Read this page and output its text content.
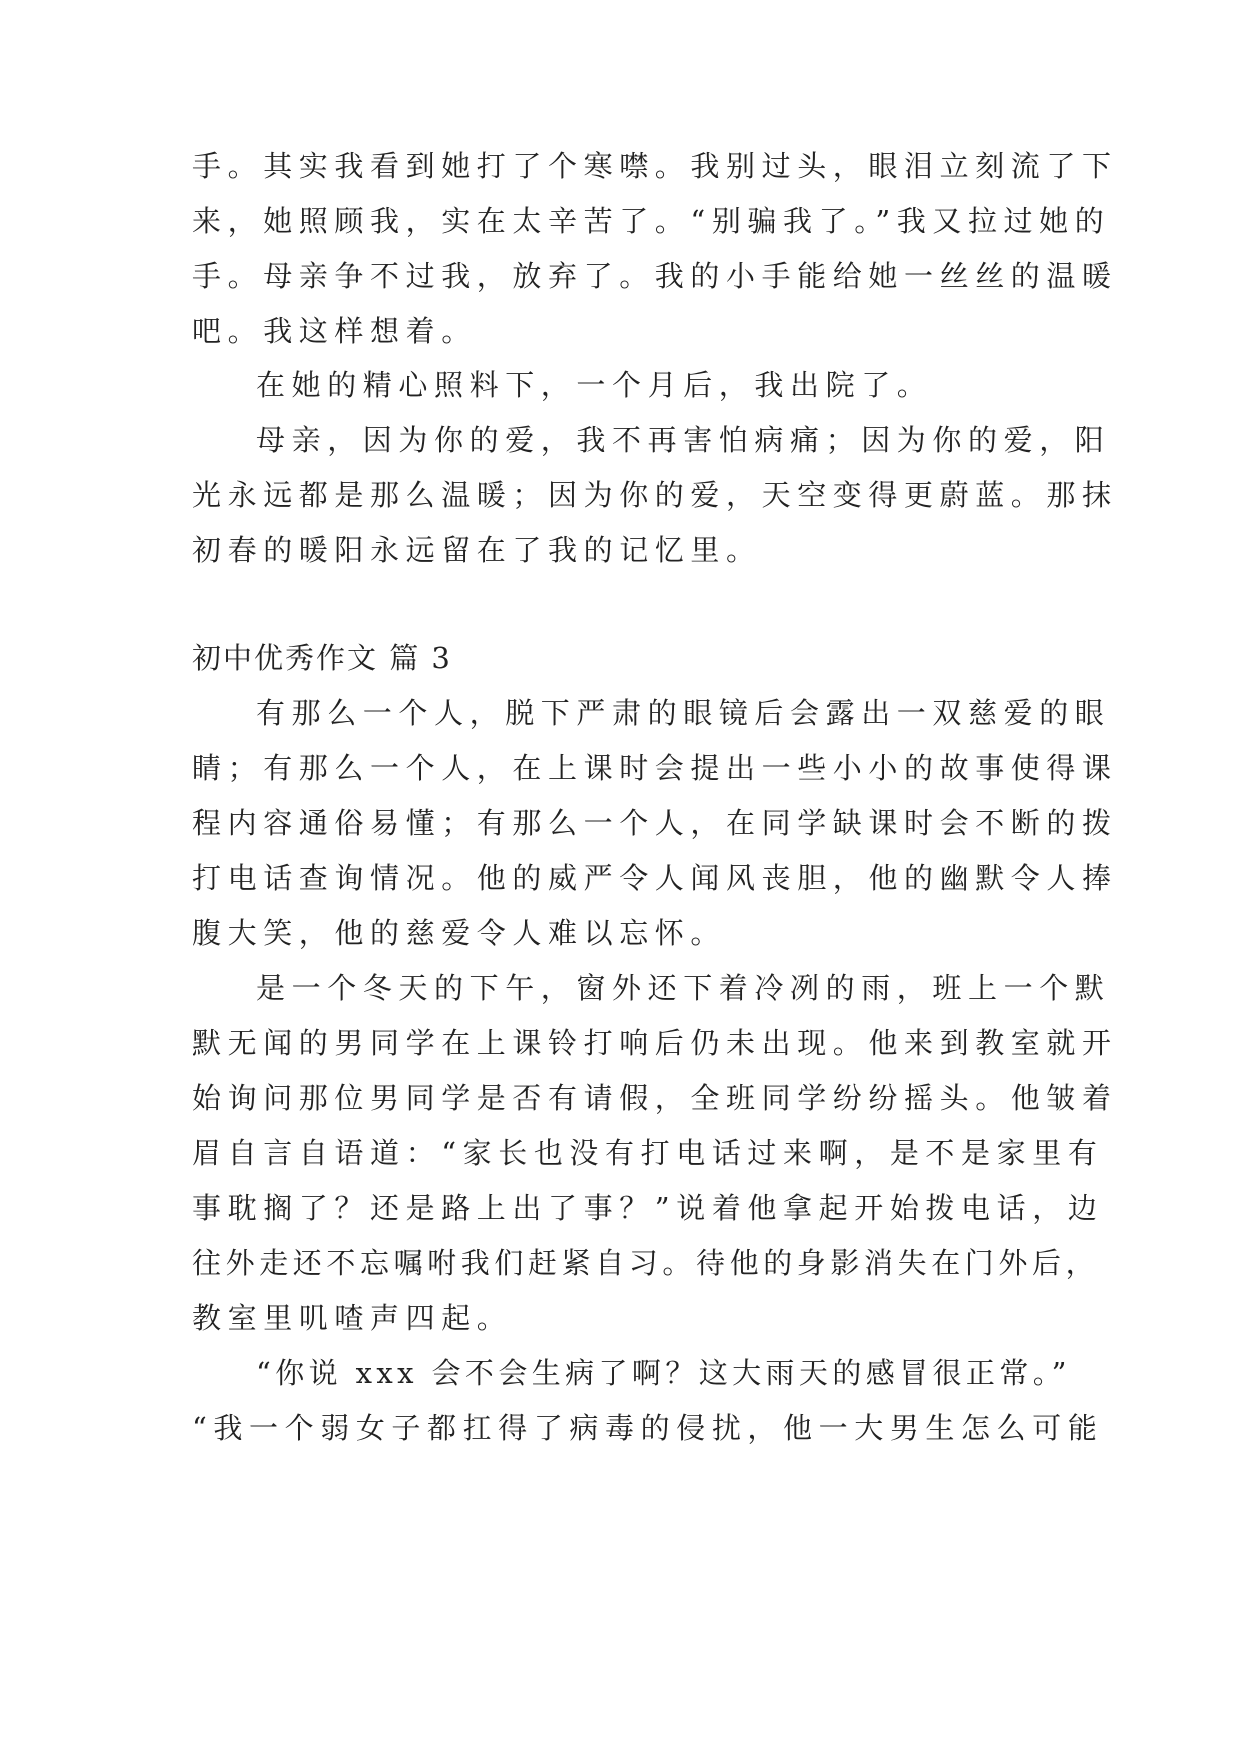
手。其实我看到她打了个寒噤。我别过头，眼泪立刻流了下
来，她照顾我，实在太辛苦了。“别骗我了。”我又拉过她的
手。母亲争不过我，放弃了。我的小手能给她一丝丝的温暖
吧。我这样想着。
在她的精心照料下，一个月后，我出院了。
母亲，因为你的爱，我不再害怕病痛；因为你的爱，阳
光永远都是那么温暖；因为你的爱，天空变得更蔚蓝。那抹
初春的暖阳永远留在了我的记忆里。
初中优秀作文 篇 3
有那么一个人，脱下严肃的眼镜后会露出一双慈爱的眼
睛；有那么一个人，在上课时会提出一些小小的故事使得课
程内容通俗易懂；有那么一个人，在同学缺课时会不断的拨
打电话查询情况。他的威严令人闻风丧胆，他的幽默令人捧
腹大笑，他的慈爱令人难以忘怀。
是一个冬天的下午，窗外还下着冷冽的雨，班上一个默
默无闻的男同学在上课铃打响后仍未出现。他来到教室就开
始询问那位男同学是否有请假，全班同学纷纷摇头。他皱着
眉自言自语道：“家长也没有打电话过来啊，是不是家里有
事耽搁了？还是路上出了事？”说着他拿起开始拨电话，边
往外走还不忘嘱咐我们赶紧自习。待他的身影消失在门外后，
教室里叽喳声四起。
“你说 xxx 会不会生病了啊？这大雨天的感冒很正常。”
“我一个弱女子都扛得了病毒的侵扰，他一大男生怎么可能
